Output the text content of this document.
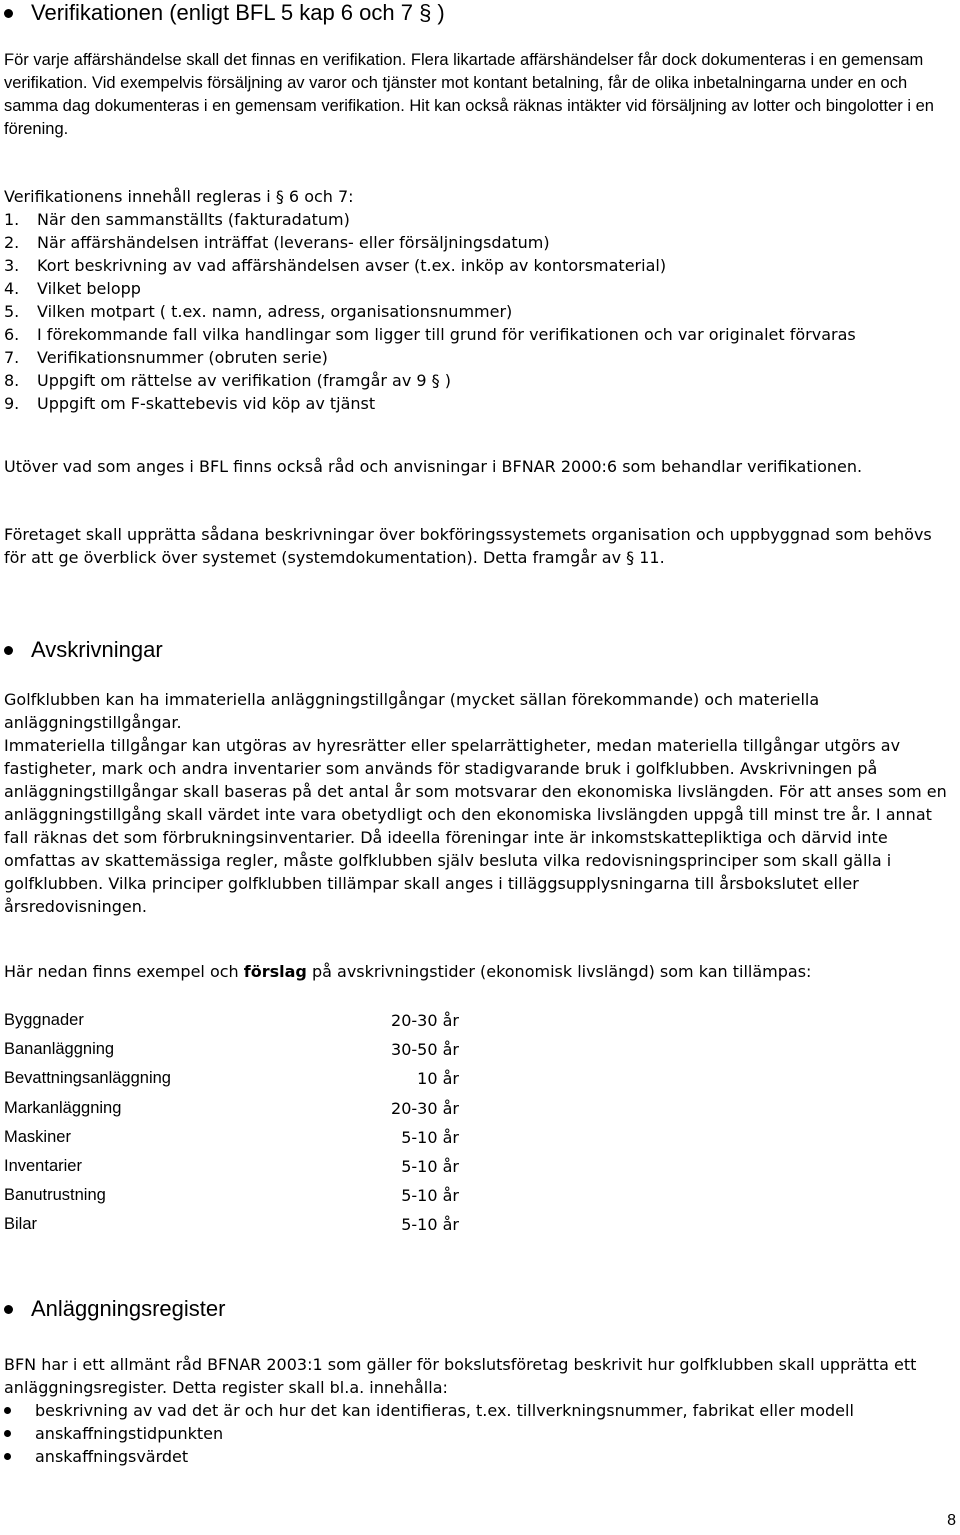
Verifikationen (enligt BFL 5 kap 6 och 7 § )

För varje affärshändelse skall det finnas en verifikation. Flera likartade affärshändelser får dock dokumenteras i en gemensam verifikation. Vid exempelvis försäljning av varor och tjänster mot kontant betalning, får de olika inbetalningarna under en och samma dag dokumenteras i en gemensam verifikation. Hit kan också räknas intäkter vid försäljning av lotter och bingolotter i en förening.

Verifikationens innehåll regleras i § 6 och 7:

1.	När den sammanställts (fakturadatum)
2.	När affärshändelsen inträffat (leverans- eller försäljningsdatum)
3.	Kort beskrivning av vad affärshändelsen avser (t.ex. inköp av kontorsmaterial)
4.	Vilket belopp
5.	Vilken motpart ( t.ex. namn, adress, organisationsnummer)
6.	I förekommande fall vilka handlingar som ligger till grund för verifikationen och var originalet förvaras
7.	Verifikationsnummer (obruten serie)
8.	Uppgift om rättelse av verifikation (framgår av 9 § )
9.	Uppgift om F-skattebevis vid köp av tjänst

Utöver vad som anges i BFL finns också råd och anvisningar i BFNAR 2000:6 som behandlar verifikationen.

Företaget skall upprätta sådana beskrivningar över bokföringssystemets organisation och uppbyggnad som behövs för att ge överblick över systemet (systemdokumentation). Detta framgår av § 11.

Avskrivningar

Golfklubben kan ha immateriella anläggningstillgångar (mycket sällan förekommande) och materiella anläggningstillgångar.

Immateriella tillgångar kan utgöras av hyresrätter eller spelarrättigheter, medan materiella tillgångar utgörs av fastigheter, mark och andra inventarier som används för stadigvarande bruk i golfklubben. Avskrivningen på anläggningstillgångar skall baseras på det antal år som motsvarar den ekonomiska livslängden. För att anses som en anläggningstillgång skall värdet inte vara obetydligt och den ekonomiska livslängden uppgå till minst tre år. I annat fall räknas det som förbrukningsinventarier. Då ideella föreningar inte är inkomstskattepliktiga och därvid inte omfattas av skattemässiga regler, måste golfklubben själv besluta vilka redovisningsprinciper som skall gälla i golfklubben. Vilka principer golfklubben tillämpar skall anges i tilläggsupplysningarna till årsbokslutet eller årsredovisningen.

Här nedan finns exempel och förslag på avskrivningstider (ekonomisk livslängd) som kan tillämpas:

Byggnader	20-30 år
Bananläggning	30-50 år
Bevattningsanläggning	10 år
Markanläggning	20-30 år
Maskiner	5-10 år
Inventarier	5-10 år
Banutrustning	5-10 år
Bilar	5-10 år
Anläggningsregister

BFN har i ett allmänt råd BFNAR 2003:1 som gäller för bokslutsföretag beskrivit hur golfklubben skall upprätta ett anläggningsregister. Detta register skall bl.a. innehålla:

beskrivning av vad det är och hur det kan identifieras, t.ex. tillverkningsnummer, fabrikat eller modell
anskaffningstidpunkten
anskaffningsvärdet
8
